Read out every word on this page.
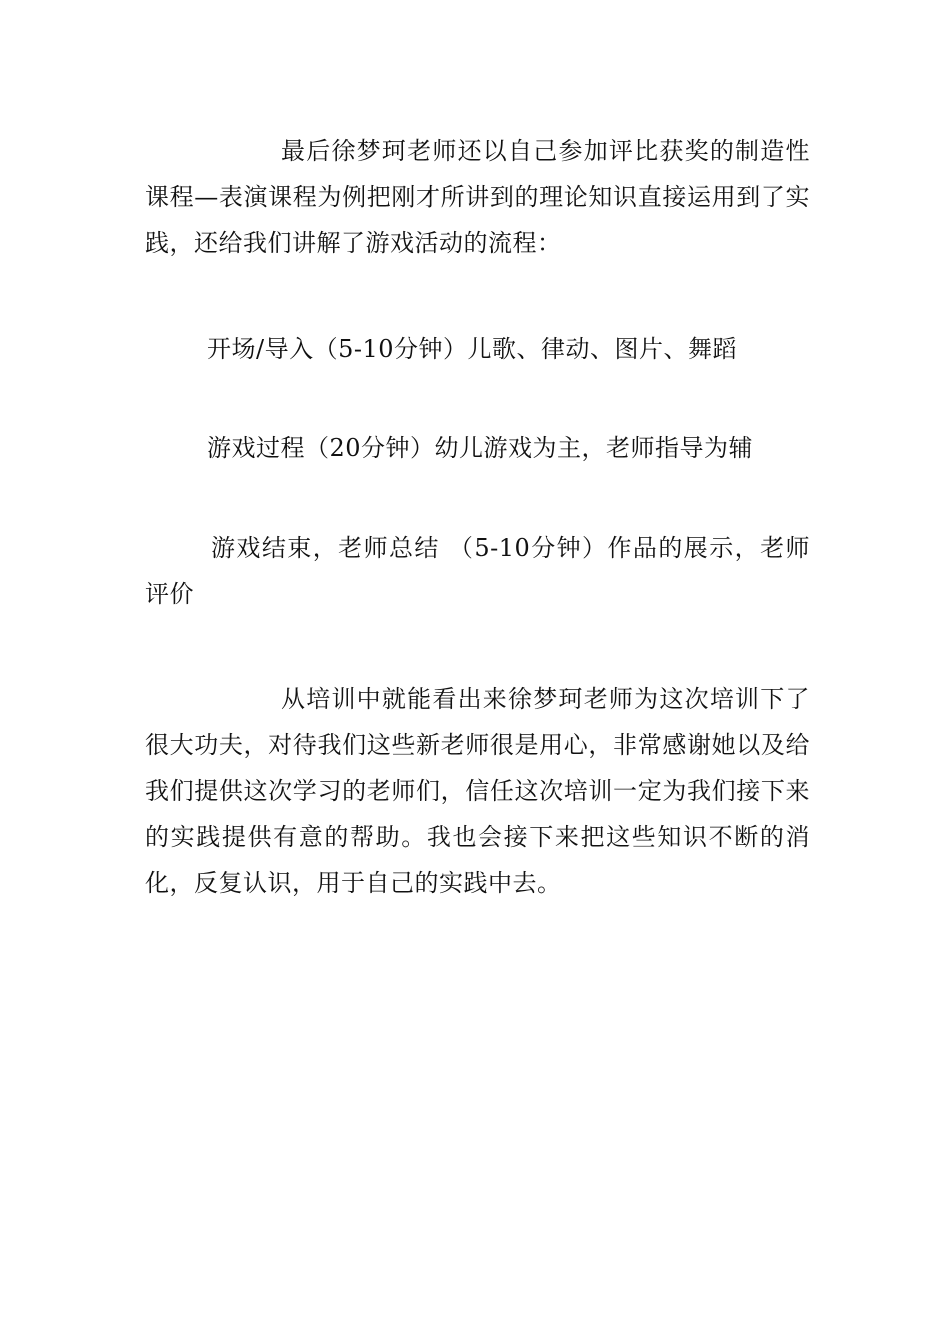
最后徐梦珂老师还以自己参加评比获奖的制造性课程—表演课程为例把刚才所讲到的理论知识直接运用到了实践，还给我们讲解了游戏活动的流程：

开场/导入（5-10分钟）儿歌、律动、图片、舞蹈

游戏过程（20分钟）幼儿游戏为主，老师指导为辅

游戏结束，老师总结 （5-10分钟）作品的展示，老师评价

从培训中就能看出来徐梦珂老师为这次培训下了很大功夫，对待我们这些新老师很是用心，非常感谢她以及给我们提供这次学习的老师们，信任这次培训一定为我们接下来的实践提供有意的帮助。我也会接下来把这些知识不断的消化，反复认识，用于自己的实践中去。
